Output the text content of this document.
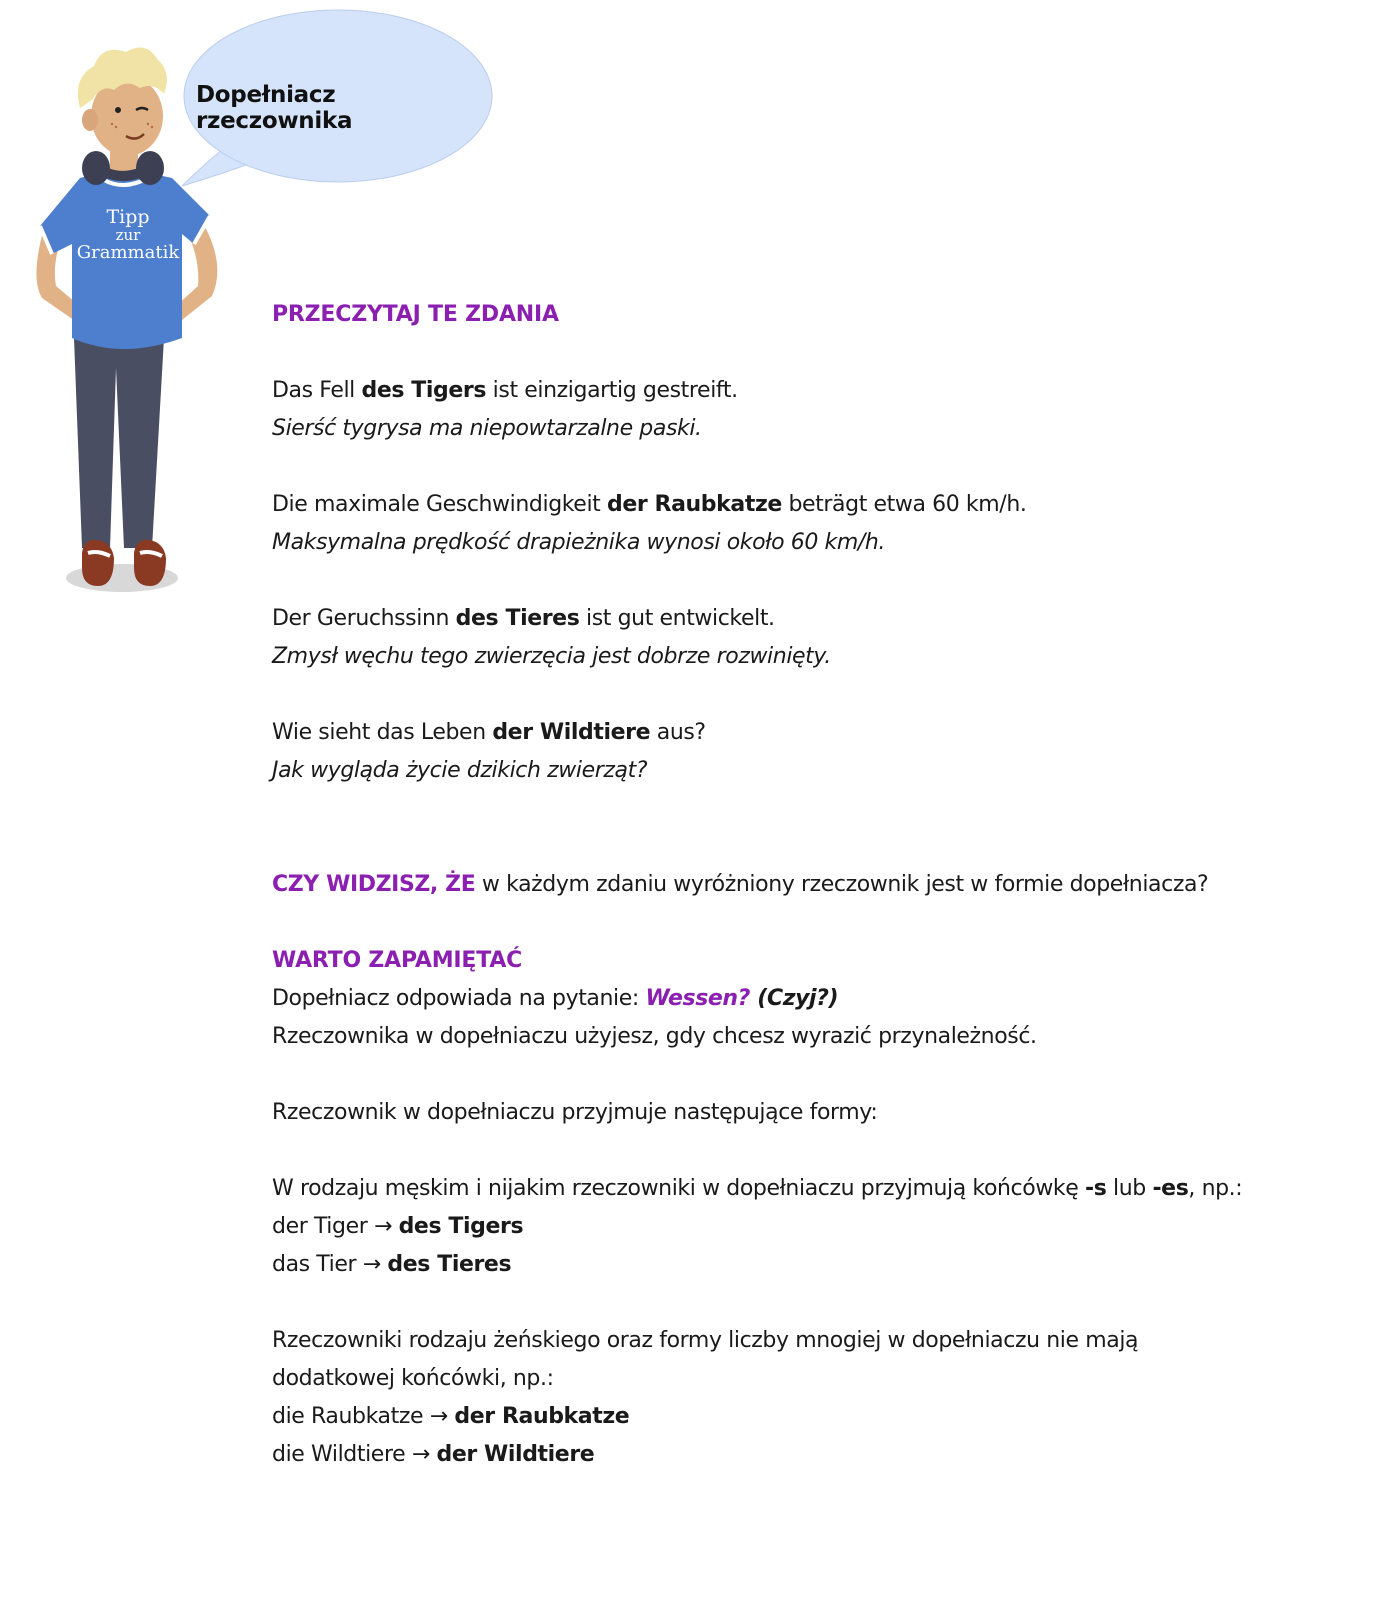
Dopełniacz rzeczownika
Tipp
zur
Grammatik

PRZECZYTAJ TE ZDANIA

Das Fell des Tigers ist einzigartig gestreift.

Sierść tygrysa ma niepowtarzalne paski.

Die maximale Geschwindigkeit der Raubkatze beträgt etwa 60 km/h.

Maksymalna prędkość drapieżnika wynosi około 60 km/h.

Der Geruchssinn des Tieres ist gut entwickelt.

Zmysł węchu tego zwierzęcia jest dobrze rozwinięty.

Wie sieht das Leben der Wildtiere aus?

Jak wygląda życie dzikich zwierząt?

CZY WIDZISZ, ŻE w każdym zdaniu wyróżniony rzeczownik jest w formie dopełniacza?

WARTO ZAPAMIĘTAĆ

Dopełniacz odpowiada na pytanie: Wessen? (Czyj?)

Rzeczownika w dopełniaczu użyjesz, gdy chcesz wyrazić przynależność.

Rzeczownik w dopełniaczu przyjmuje następujące formy:

W rodzaju męskim i nijakim rzeczowniki w dopełniaczu przyjmują końcówkę -s lub -es, np.:

der Tiger → des Tigers

das Tier → des Tieres

Rzeczowniki rodzaju żeńskiego oraz formy liczby mnogiej w dopełniaczu nie mają

dodatkowej końcówki, np.:

die Raubkatze → der Raubkatze

die Wildtiere → der Wildtiere
